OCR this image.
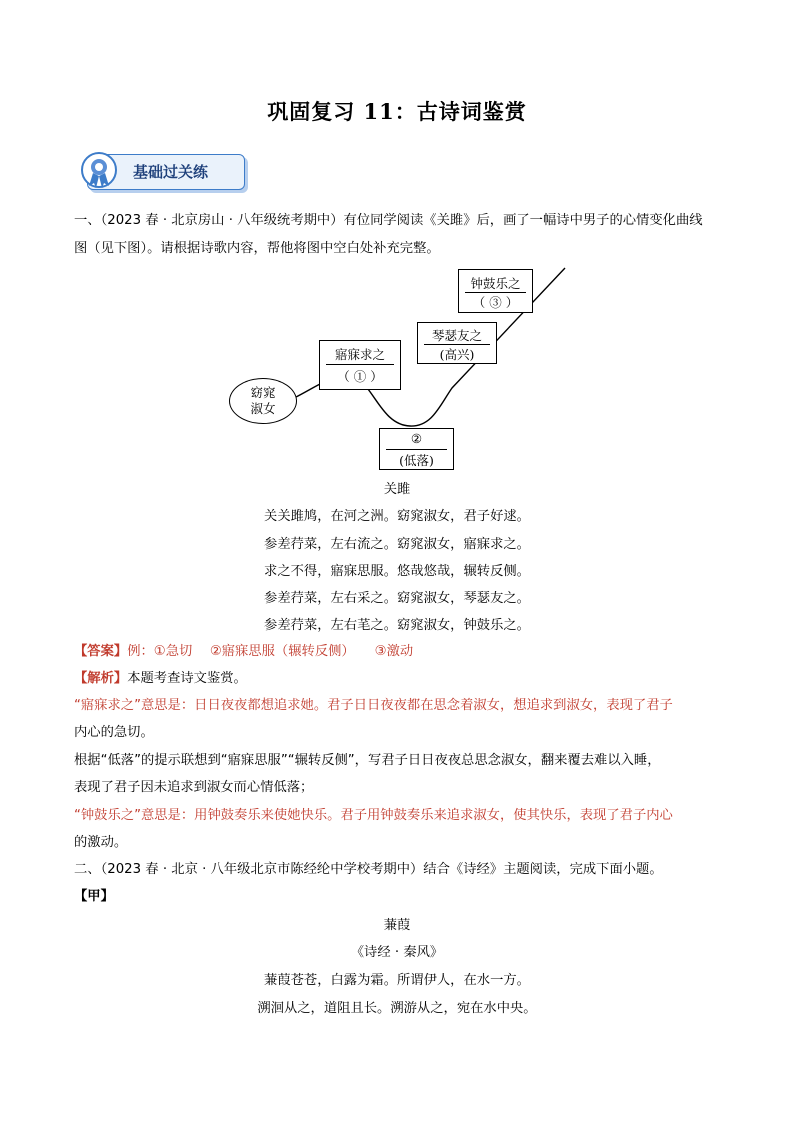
巩固复习 11：古诗词鉴赏
基础过关练
一、（2023 春 · 北京房山 · 八年级统考期中）有位同学阅读《关雎》后，画了一幅诗中男子的心情变化曲线
图（见下图）。请根据诗歌内容，帮他将图中空白处补充完整。
窈窕
淑女
寤寐求之
（ ① ）
②
(低落)
琴瑟友之
(高兴)
钟鼓乐之
（ ③ ）
关雎
关关雎鸠，在河之洲。窈窕淑女，君子好逑。
参差荇菜，左右流之。窈窕淑女，寤寐求之。
求之不得，寤寐思服。悠哉悠哉，辗转反侧。
参差荇菜，左右采之。窈窕淑女，琴瑟友之。
参差荇菜，左右芼之。窈窕淑女，钟鼓乐之。
【答案】例：①急切　 ②寤寐思服（辗转反侧）　　③激动
【解析】本题考查诗文鉴赏。
“寤寐求之”意思是：日日夜夜都想追求她。君子日日夜夜都在思念着淑女，想追求到淑女，表现了君子
内心的急切。
根据“低落”的提示联想到“寤寐思服”“辗转反侧”，写君子日日夜夜总思念淑女，翻来覆去难以入睡，
表现了君子因未追求到淑女而心情低落；
“钟鼓乐之”意思是：用钟鼓奏乐来使她快乐。君子用钟鼓奏乐来追求淑女，使其快乐，表现了君子内心
的激动。
二、（2023 春 · 北京 · 八年级北京市陈经纶中学校考期中）结合《诗经》主题阅读，完成下面小题。
【甲】
蒹葭
《诗经 · 秦风》
蒹葭苍苍，白露为霜。所谓伊人，在水一方。
溯洄从之，道阻且长。溯游从之，宛在水中央。
